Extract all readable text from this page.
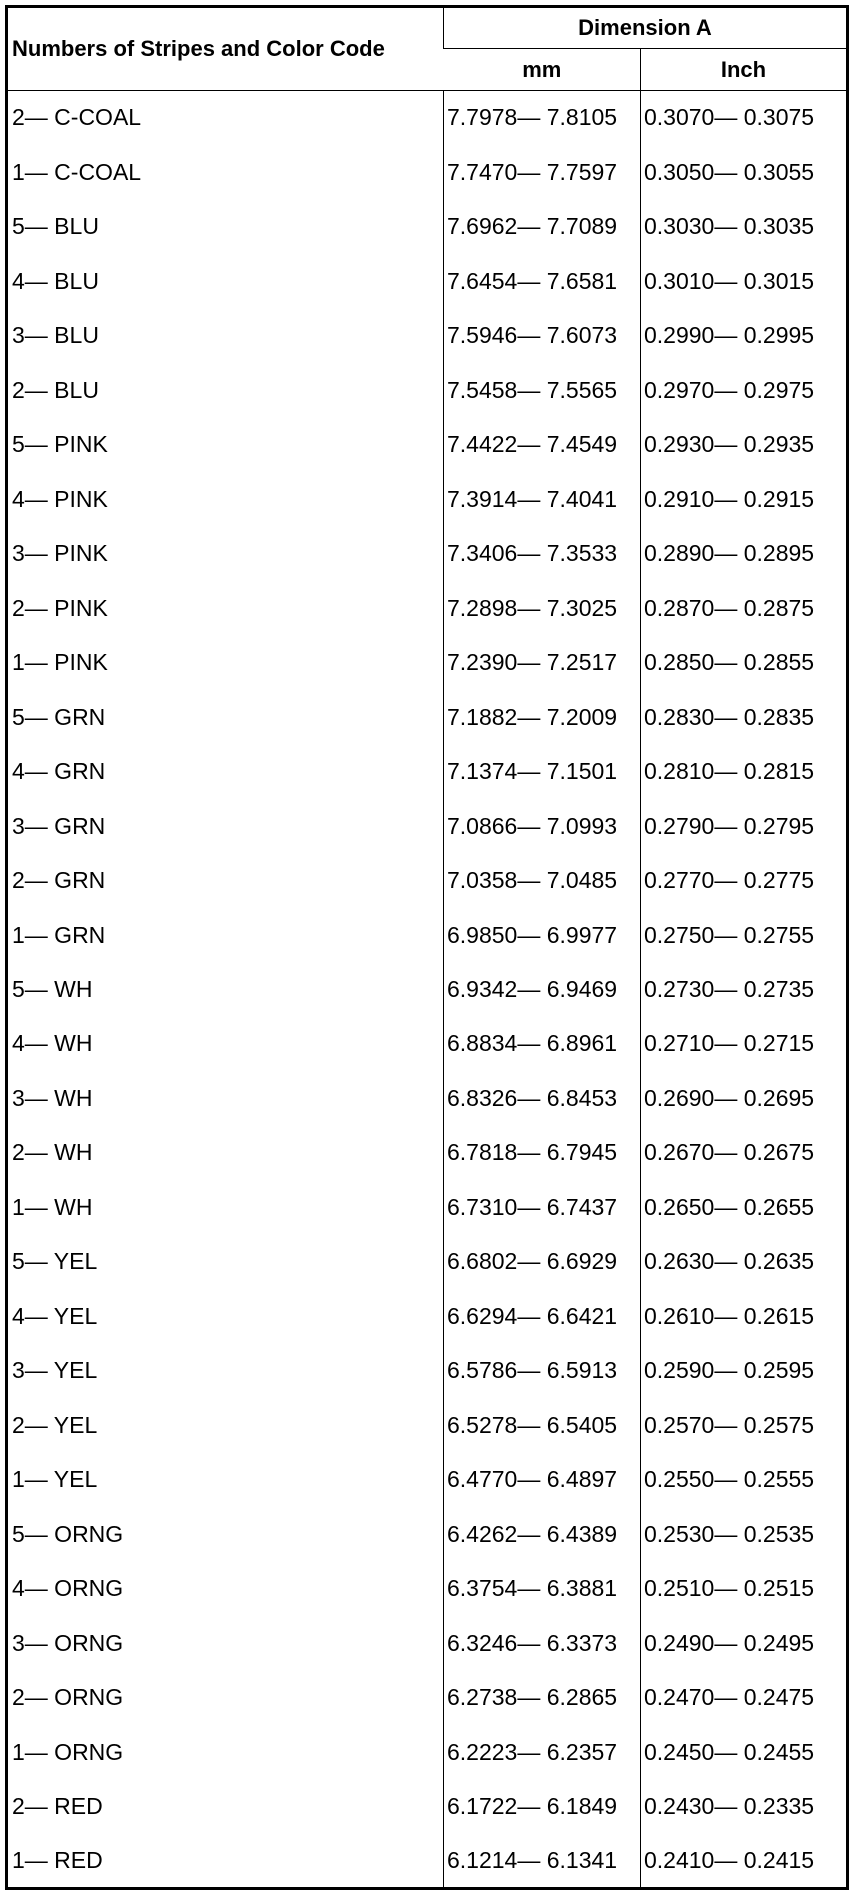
Numbers of Stripes and Color Code	Dimension A	
	mm	Inch
2— C-COAL	7.7978— 7.8105	0.3070— 0.3075
1— C-COAL	7.7470— 7.7597	0.3050— 0.3055
5— BLU	7.6962— 7.7089	0.3030— 0.3035
4— BLU	7.6454— 7.6581	0.3010— 0.3015
3— BLU	7.5946— 7.6073	0.2990— 0.2995
2— BLU	7.5458— 7.5565	0.2970— 0.2975
5— PINK	7.4422— 7.4549	0.2930— 0.2935
4— PINK	7.3914— 7.4041	0.2910— 0.2915
3— PINK	7.3406— 7.3533	0.2890— 0.2895
2— PINK	7.2898— 7.3025	0.2870— 0.2875
1— PINK	7.2390— 7.2517	0.2850— 0.2855
5— GRN	7.1882— 7.2009	0.2830— 0.2835
4— GRN	7.1374— 7.1501	0.2810— 0.2815
3— GRN	7.0866— 7.0993	0.2790— 0.2795
2— GRN	7.0358— 7.0485	0.2770— 0.2775
1— GRN	6.9850— 6.9977	0.2750— 0.2755
5— WH	6.9342— 6.9469	0.2730— 0.2735
4— WH	6.8834— 6.8961	0.2710— 0.2715
3— WH	6.8326— 6.8453	0.2690— 0.2695
2— WH	6.7818— 6.7945	0.2670— 0.2675
1— WH	6.7310— 6.7437	0.2650— 0.2655
5— YEL	6.6802— 6.6929	0.2630— 0.2635
4— YEL	6.6294— 6.6421	0.2610— 0.2615
3— YEL	6.5786— 6.5913	0.2590— 0.2595
2— YEL	6.5278— 6.5405	0.2570— 0.2575
1— YEL	6.4770— 6.4897	0.2550— 0.2555
5— ORNG	6.4262— 6.4389	0.2530— 0.2535
4— ORNG	6.3754— 6.3881	0.2510— 0.2515
3— ORNG	6.3246— 6.3373	0.2490— 0.2495
2— ORNG	6.2738— 6.2865	0.2470— 0.2475
1— ORNG	6.2223— 6.2357	0.2450— 0.2455
2— RED	6.1722— 6.1849	0.2430— 0.2335
1— RED	6.1214— 6.1341	0.2410— 0.2415
